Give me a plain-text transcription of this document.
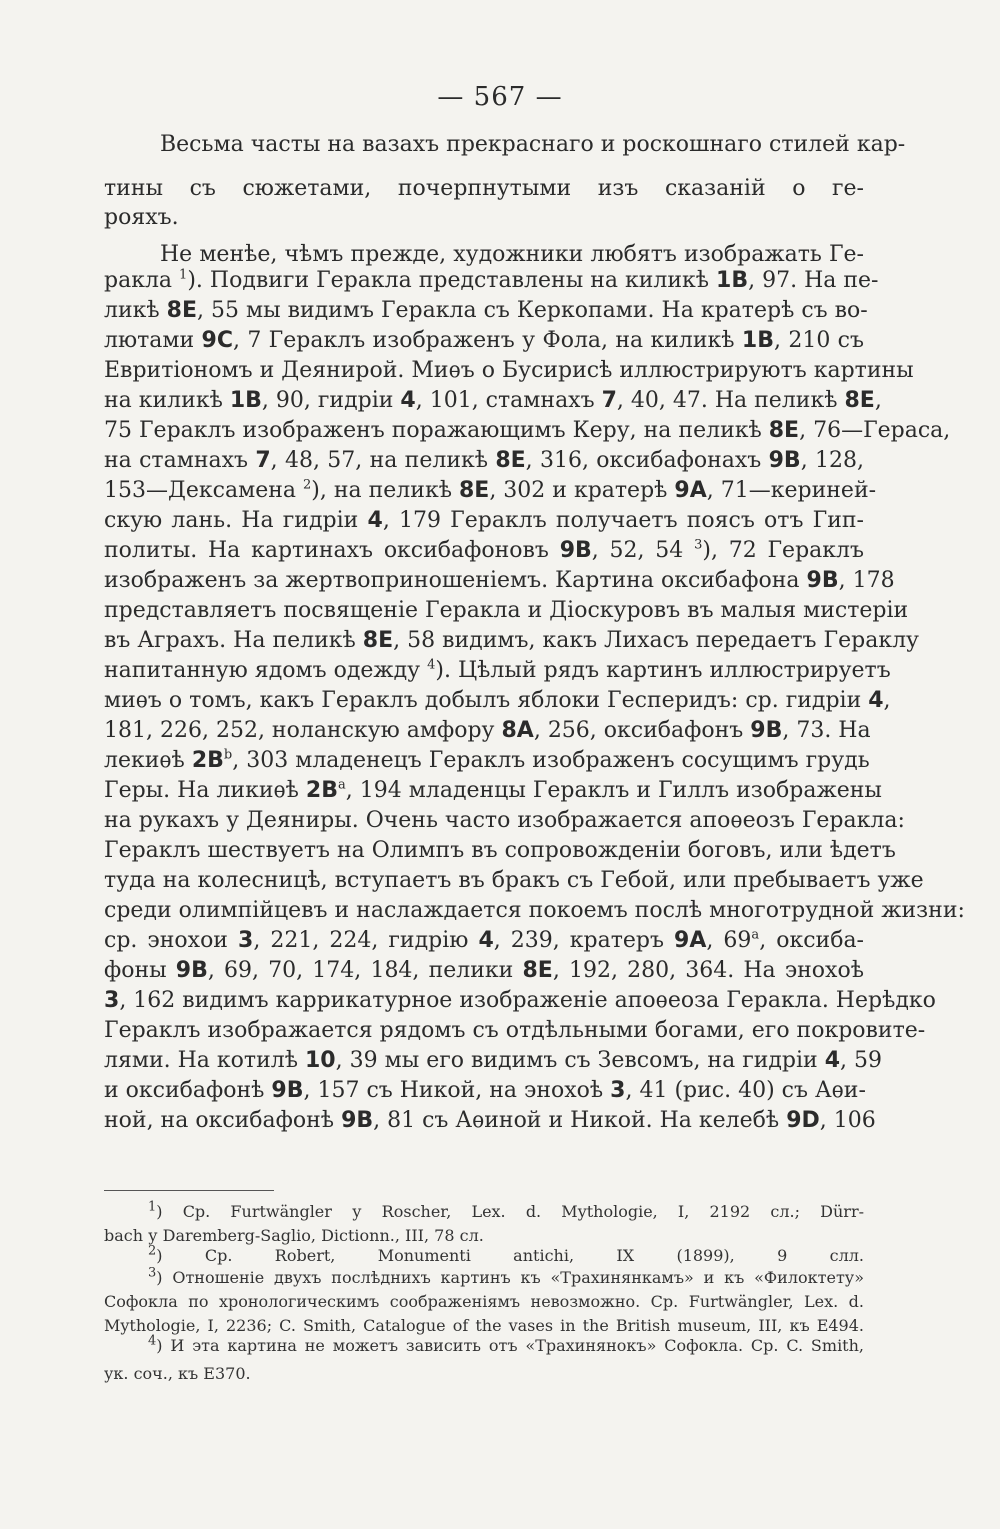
— 567 —
Весьма часты на вазахъ прекраснаго и роскошнаго стилей кар-
тины съ сюжетами, почерпнутыми изъ сказаній о ге-
рояхъ.
Не менѣе, чѣмъ прежде, художники любятъ изображать Ге-
ракла $^1$). Подвиги Геракла представлены на киликѣ 1B, 97. На пе-
ликѣ 8E, 55 мы видимъ Геракла съ Керкопами. На кратерѣ съ во-
лютами 9C, 7 Гераклъ изображенъ у Фола, на киликѣ 1B, 210 съ
Евритіономъ и Деянирой. Миѳъ о Бусирисѣ иллюстрируютъ картины
на киликѣ 1B, 90, гидріи 4, 101, стамнахъ 7, 40, 47. На пеликѣ 8E,
75 Гераклъ изображенъ поражающимъ Керу, на пеликѣ 8E, 76—Гераса,
на стамнахъ 7, 48, 57, на пеликѣ 8E, 316, оксибафонахъ 9B, 128,
153—Дексамена $^2$), на пеликѣ 8E, 302 и кратерѣ 9A, 71—кериней-
скую лань. На гидріи 4, 179 Гераклъ получаетъ поясъ отъ Гип-
политы. На картинахъ оксибафоновъ 9B, 52, 54 $^3$), 72 Гераклъ
изображенъ за жертвоприношеніемъ. Картина оксибафона 9B, 178
представляетъ посвященіе Геракла и Діоскуровъ въ малыя мистеріи
въ Аграхъ. На пеликѣ 8E, 58 видимъ, какъ Лихасъ передаетъ Гераклу
напитанную ядомъ одежду $^4$). Цѣлый рядъ картинъ иллюстрируетъ
миѳъ о томъ, какъ Гераклъ добылъ яблоки Гесперидъ: ср. гидріи 4,
181, 226, 252, ноланскую амфору 8A, 256, оксибафонъ 9B, 73. На
лекиѳѣ $2B^b$, 303 младенецъ Гераклъ изображенъ сосущимъ грудь
Геры. На ликиѳѣ $2B^a$, 194 младенцы Гераклъ и Гиллъ изображены
на рукахъ у Деяниры. Очень часто изображается апоѳеозъ Геракла:
Гераклъ шествуетъ на Олимпъ въ сопровожденіи боговъ, или ѣдетъ
туда на колесницѣ, вступаетъ въ бракъ съ Гебой, или пребываетъ уже
среди олимпійцевъ и наслаждается покоемъ послѣ многотрудной жизни:
ср. энохои 3, 221, 224, гидрію 4, 239, кратеръ 9A, 69$^a$, оксиба-
фоны 9B, 69, 70, 174, 184, пелики 8E, 192, 280, 364. На энохоѣ
3, 162 видимъ каррикатурное изображеніе апоѳеоза Геракла. Нерѣдко
Гераклъ изображается рядомъ съ отдѣльными богами, его покровите-
лями. На котилѣ 10, 39 мы его видимъ съ Зевсомъ, на гидріи 4, 59
и оксибафонѣ 9B, 157 съ Никой, на энохоѣ 3, 41 (рис. 40) съ Аѳи-
ной, на оксибафонѣ 9B, 81 съ Аѳиной и Никой. На келебѣ 9D, 106
$^1$) Ср. Furtwängler у Roscher, Lex. d. Mythologie, I, 2192 сл.; Dürr-
bach у Daremberg-Saglio, Dictionn., III, 78 сл.
$^2$) Ср. Robert, Monumenti antichi, IX (1899), 9 слл.
$^3$) Отношеніе двухъ послѣднихъ картинъ къ «Трахинянкамъ» и къ «Филоктету»
Софокла по хронологическимъ соображеніямъ невозможно. Ср. Furtwängler, Lex. d.
Mythologie, I, 2236; C. Smith, Catalogue of the vases in the British museum, III, къ E494.
$^4$) И эта картина не можетъ зависить отъ «Трахинянокъ» Софокла. Ср. C. Smith,
ук. соч., къ E370.
